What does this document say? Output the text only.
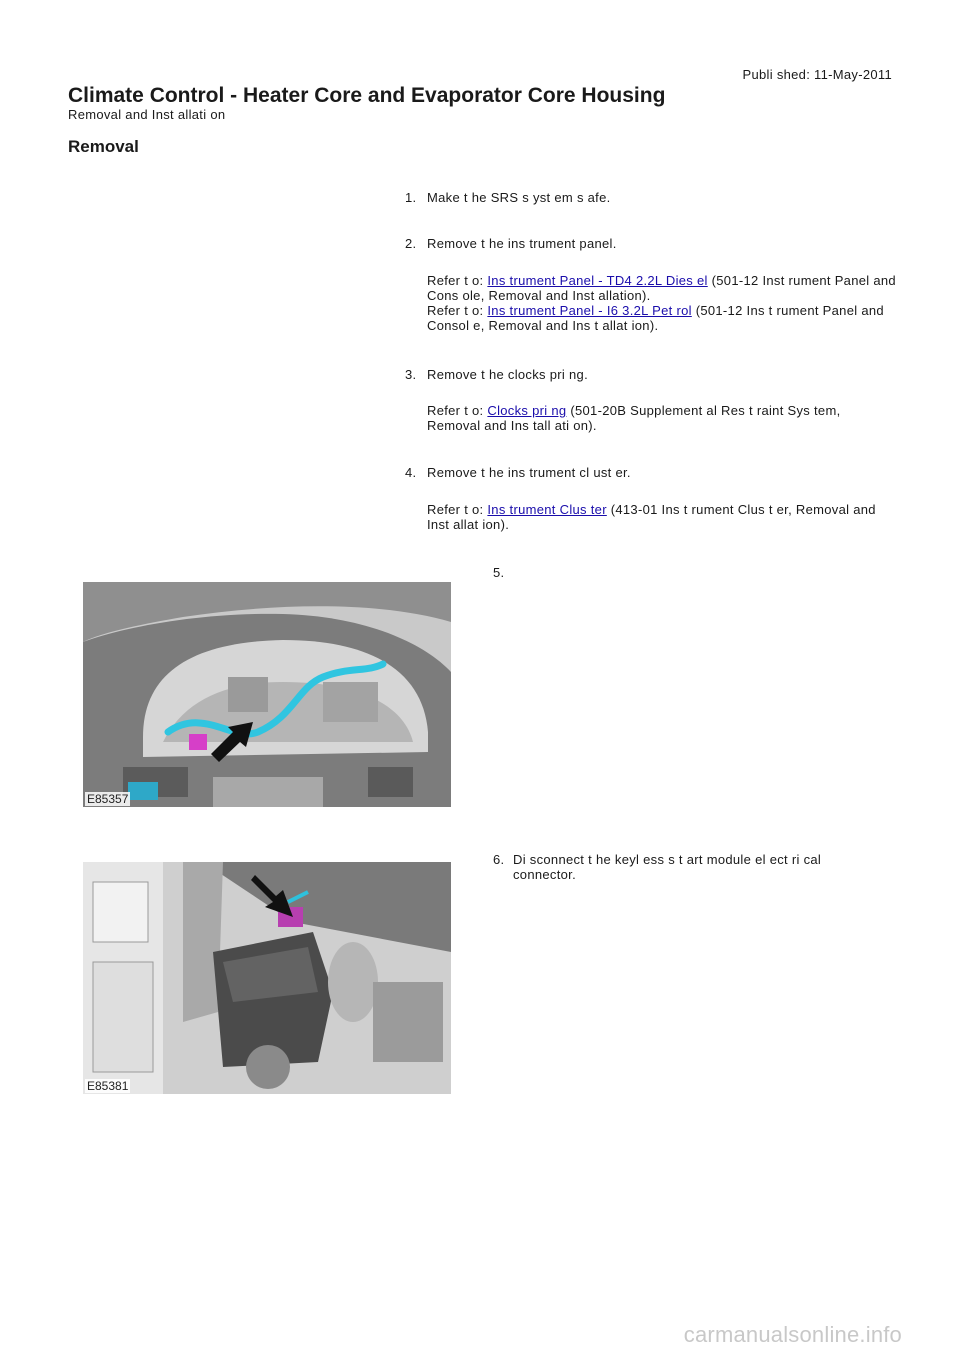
Publi shed: 11-May-2011
Climate Control - Heater Core and Evaporator Core Housing
Removal and Inst allati on
Removal
1. Make t he SRS s yst em s afe.
2. Remove t he ins trument panel.
Refer t o: Ins trument Panel - TD4 2.2L Dies el (501-12 Inst rument Panel and Cons ole, Removal and Inst allation).
Refer t o: Ins trument Panel - I6 3.2L Pet rol (501-12 Ins t rument Panel and Consol e, Removal and Ins t allat ion).
3. Remove t he clocks pri ng.
Refer t o: Clocks pri ng (501-20B Supplement al Res t raint Sys tem, Removal and Ins tall ati on).
4. Remove t he ins trument cl ust er.
Refer t o: Ins trument Clus ter (413-01 Ins t rument Clus t er, Removal and Inst allat ion).
5.
E85357
6. Di sconnect t he keyl ess s t art module el ect ri cal connector.
E85381
carmanualsonline.info
